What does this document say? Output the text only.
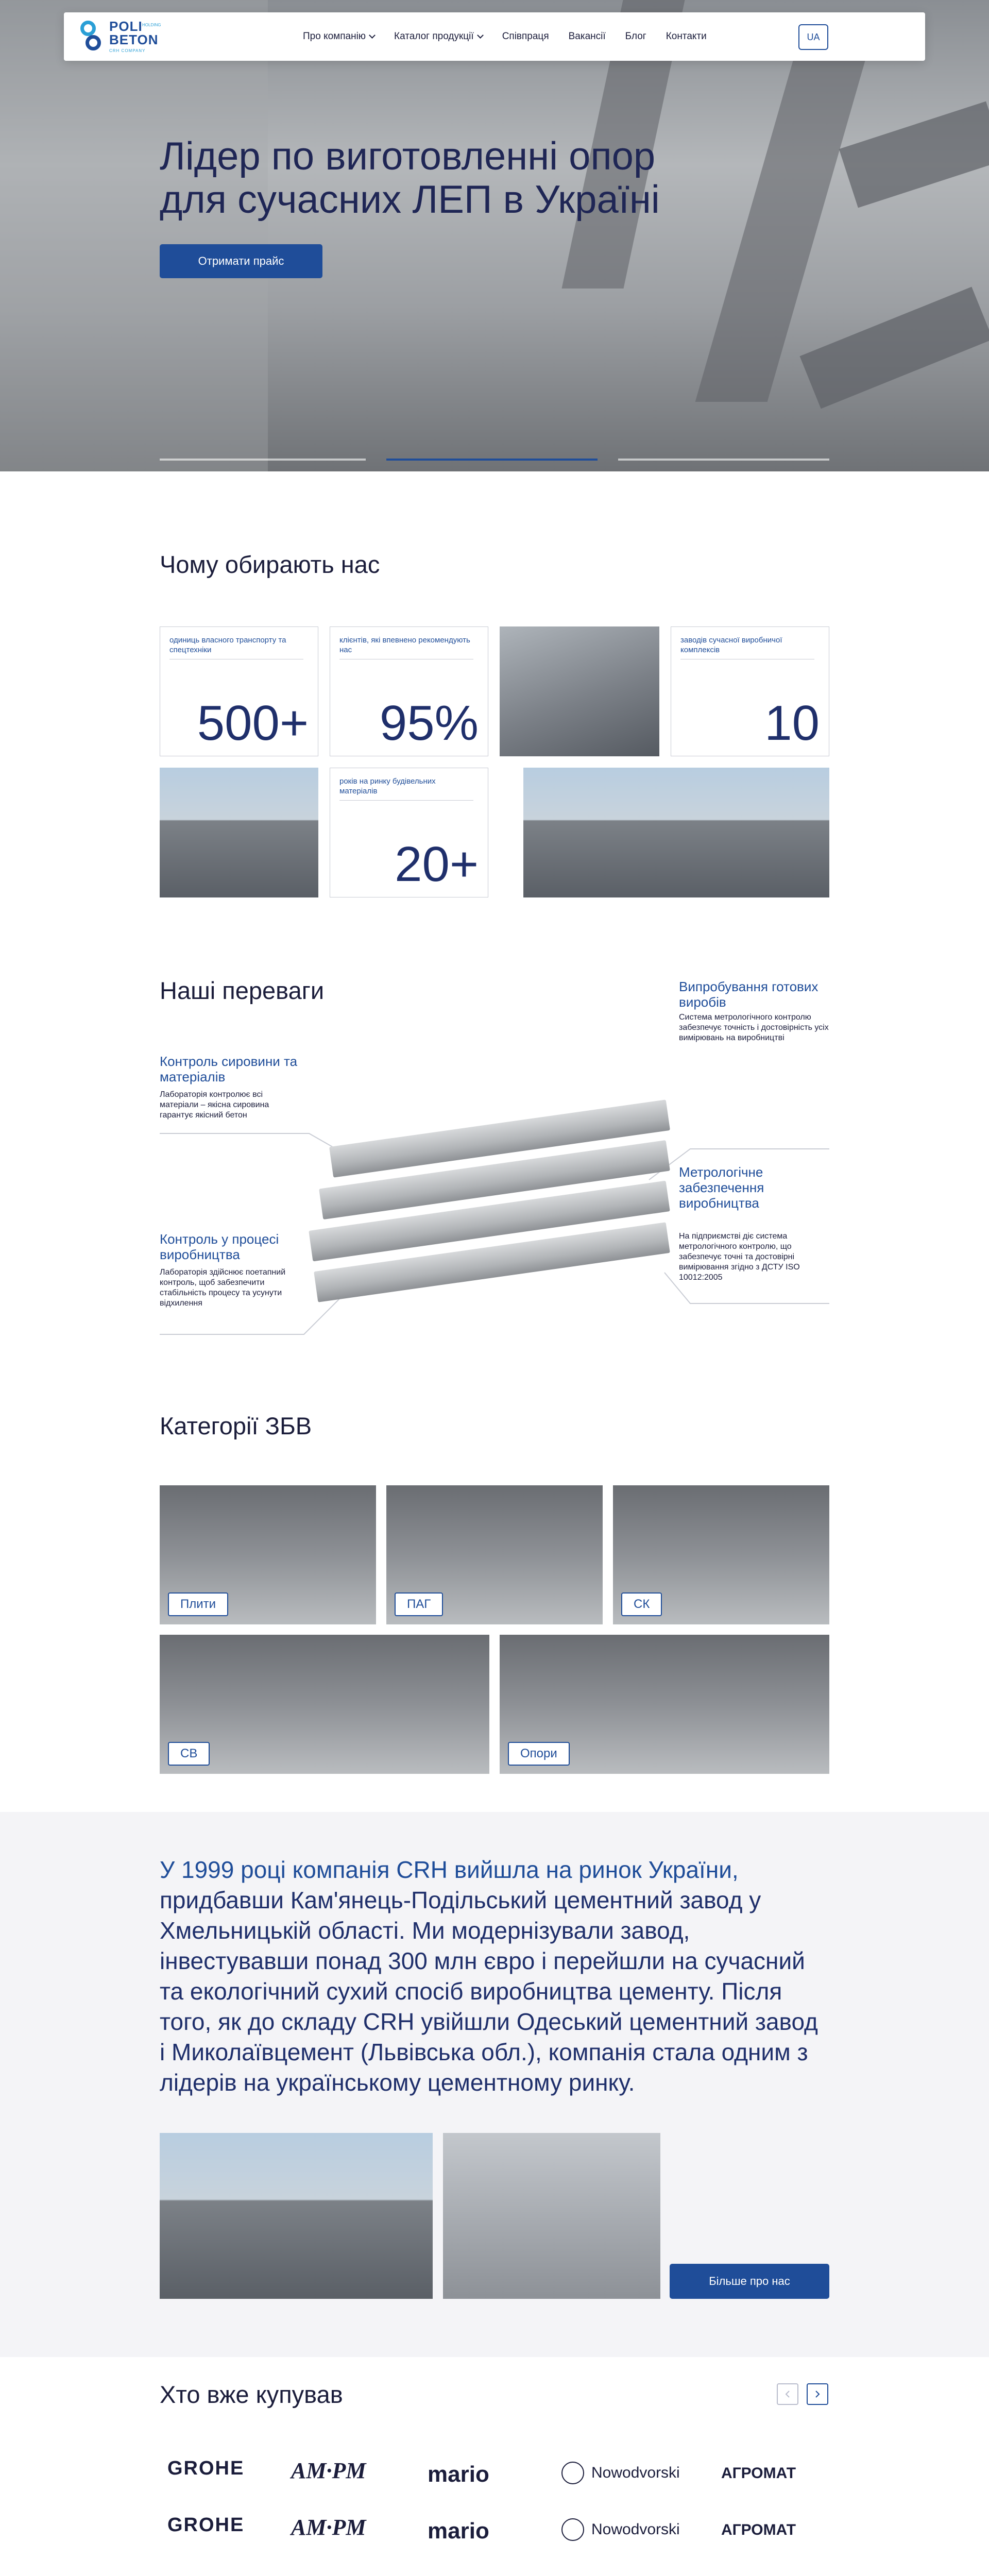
POLI
BETON
CRH COMPANY
HOLDING
Про компанію	Каталог продукції	Співпраця Вакансії Блог Контакти	UA
Лідер по виготовленні опор
для сучасних ЛЕП в Україні
Отримати прайс
Чому обирають нас
одиниць власного транспорту та спецтехніки
500+
клієнтів, які впевнено рекомендують нас
95%
заводів сучасної виробничої комплексів
10
років на ринку будівельних матеріалів
20+
Наші переваги
Контроль сировини та матеріалів
Лабораторія контролює всі матеріали – якісна сировина гарантує якісний бетон
Контроль у процесі виробництва
Лабораторія здійснює поетапний контроль, щоб забезпечити стабільність процесу та усунути відхилення
Випробування готових виробів
Система метрологічного контролю забезпечує точність і достовірність усіх вимірювань на виробництві
Метрологічне забезпечення виробництва
На підприємстві діє система метрологічного контролю, що забезпечує точні та достовірні вимірювання згідно з ДСТУ ISO 10012:2005
Категорії ЗБВ
Плити	ПАГ	СК
СВ	Опори
У 1999 році компанія CRH вийшла на ринок України, придбавши Кам'янець-Подільський цементний завод у Хмельницькій області. Ми модернізували завод, інвестувавши понад 300 млн євро і перейшли на сучасний та екологічний сухий спосіб виробництва цементу. Після того, як до складу CRH увійшли Одеський цементний завод і Миколаївцемент (Львівська обл.), компанія стала одним з лідерів на українському цементному ринку.
Більше про нас
Хто вже купував
GROHE AM·PM	mario	Nowodvorski	АГРОМАТ
GROHE AM·PM	mario	Nowodvorski	АГРОМАТ
